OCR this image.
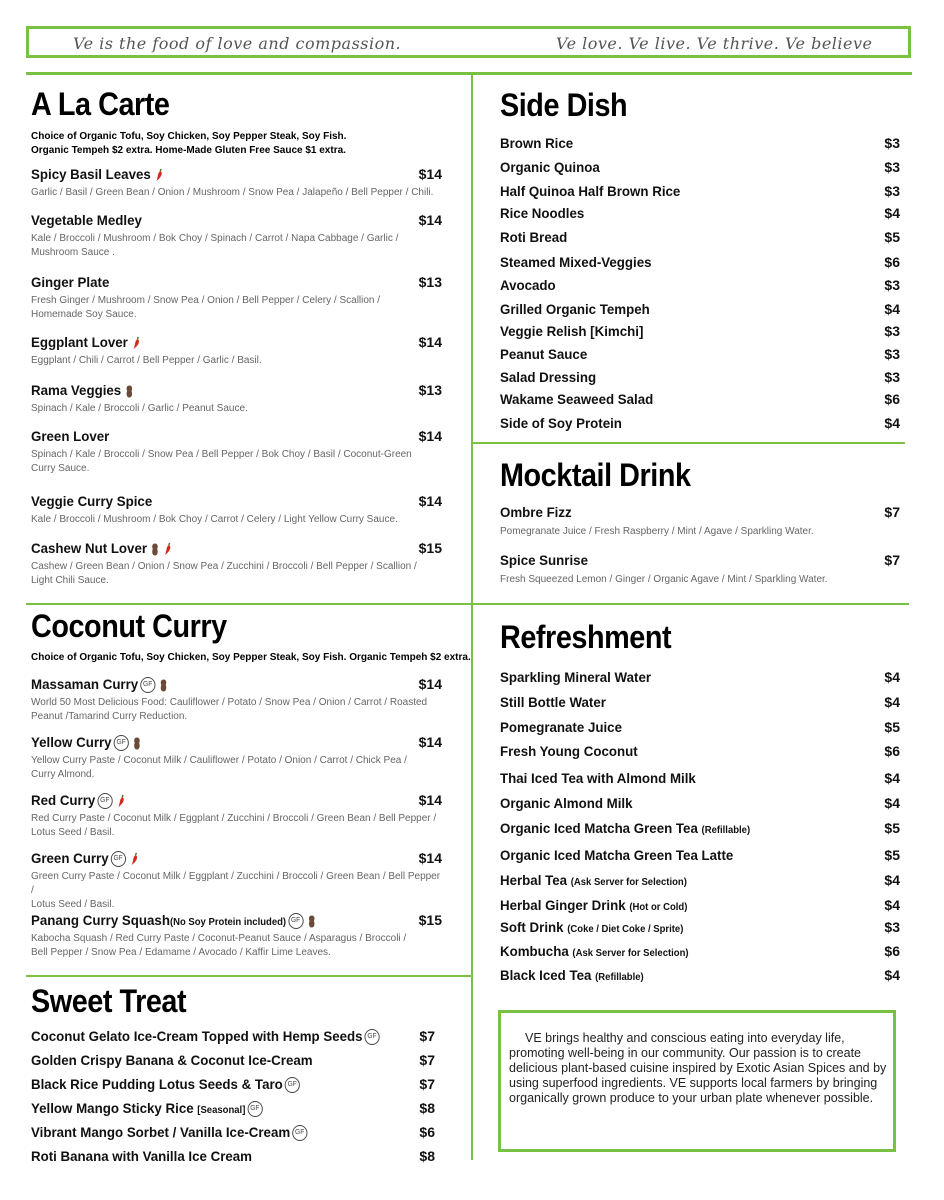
Ve is the food of love and compassion.	Ve love. Ve live. Ve thrive. Ve believe
A La Carte
Choice of Organic Tofu, Soy Chicken, Soy Pepper Steak, Soy Fish.
Organic Tempeh $2 extra. Home-Made Gluten Free Sauce $1 extra.
Spicy Basil Leaves	$14
Garlic / Basil / Green Bean / Onion / Mushroom / Snow Pea / Jalapeño / Bell Pepper / Chili.
Vegetable Medley	$14
Kale / Broccoli / Mushroom / Bok Choy / Spinach / Carrot / Napa Cabbage / Garlic /
Mushroom Sauce .
Ginger Plate	$13
Fresh Ginger / Mushroom / Snow Pea / Onion / Bell Pepper / Celery / Scallion /
Homemade Soy Sauce.
Eggplant Lover	$14
Eggplant / Chili / Carrot / Bell Pepper / Garlic / Basil.
Rama Veggies	$13
Spinach / Kale / Broccoli / Garlic / Peanut Sauce.
Green Lover	$14
Spinach / Kale / Broccoli / Snow Pea / Bell Pepper / Bok Choy / Basil / Coconut-Green
Curry Sauce.
Veggie Curry Spice	$14
Kale / Broccoli / Mushroom / Bok Choy / Carrot / Celery / Light Yellow Curry Sauce.
Cashew Nut Lover	$15
Cashew / Green Bean / Onion / Snow Pea / Zucchini / Broccoli / Bell Pepper / Scallion /
Light Chili Sauce.
Coconut Curry
Choice of Organic Tofu, Soy Chicken, Soy Pepper Steak, Soy Fish. Organic Tempeh $2 extra.
Massaman Curry GF	$14
World 50 Most Delicious Food: Cauliflower / Potato / Snow Pea / Onion / Carrot / Roasted
Peanut /Tamarind Curry Reduction.
Yellow Curry GF	$14
Yellow Curry Paste / Coconut Milk / Cauliflower / Potato / Onion / Carrot / Chick Pea /
Curry Almond.
Red Curry GF	$14
Red Curry Paste / Coconut Milk / Eggplant / Zucchini / Broccoli / Green Bean / Bell Pepper /
Lotus Seed / Basil.
Green Curry GF	$14
Green Curry Paste / Coconut Milk / Eggplant / Zucchini / Broccoli / Green Bean / Bell Pepper /
Lotus Seed / Basil.
Panang Curry Squash(No Soy Protein included) GF	$15
Kabocha Squash / Red Curry Paste / Coconut-Peanut Sauce / Asparagus / Broccoli /
Bell Pepper / Snow Pea / Edamame / Avocado / Kaffir Lime Leaves.
Sweet Treat
Coconut Gelato Ice-Cream Topped with Hemp Seeds GF	$7
Golden Crispy Banana & Coconut Ice-Cream	$7
Black Rice Pudding Lotus Seeds & Taro GF	$7
Yellow Mango Sticky Rice [Seasonal] GF	$8
Vibrant Mango Sorbet / Vanilla Ice-Cream GF	$6
Roti Banana with Vanilla Ice Cream	$8
Side Dish
Brown Rice	$3
Organic Quinoa	$3
Half Quinoa Half Brown Rice	$3
Rice Noodles	$4
Roti Bread	$5
Steamed Mixed-Veggies	$6
Avocado	$3
Grilled Organic Tempeh	$4
Veggie Relish [Kimchi]	$3
Peanut Sauce	$3
Salad Dressing	$3
Wakame Seaweed Salad	$6
Side of Soy Protein	$4
Mocktail Drink
Ombre Fizz	$7
Pomegranate Juice / Fresh Raspberry / Mint / Agave / Sparkling Water.
Spice Sunrise	$7
Fresh Squeezed Lemon / Ginger / Organic Agave / Mint / Sparkling Water.
Refreshment
Sparkling Mineral Water	$4
Still Bottle Water	$4
Pomegranate Juice	$5
Fresh Young Coconut	$6
Thai Iced Tea with Almond Milk	$4
Organic Almond Milk	$4
Organic Iced Matcha Green Tea (Refillable)	$5
Organic Iced Matcha Green Tea Latte	$5
Herbal Tea (Ask Server for Selection)	$4
Herbal Ginger Drink (Hot or Cold)	$4
Soft Drink (Coke / Diet Coke / Sprite)	$3
Kombucha (Ask Server for Selection)	$6
Black Iced Tea (Refillable)	$4
VE brings healthy and conscious eating into everyday life, promoting well-being in our community. Our passion is to create delicious plant-based cuisine inspired by Exotic Asian Spices and by using superfood ingredients. VE supports local farmers by bringing organically grown produce to your urban plate whenever possible.
